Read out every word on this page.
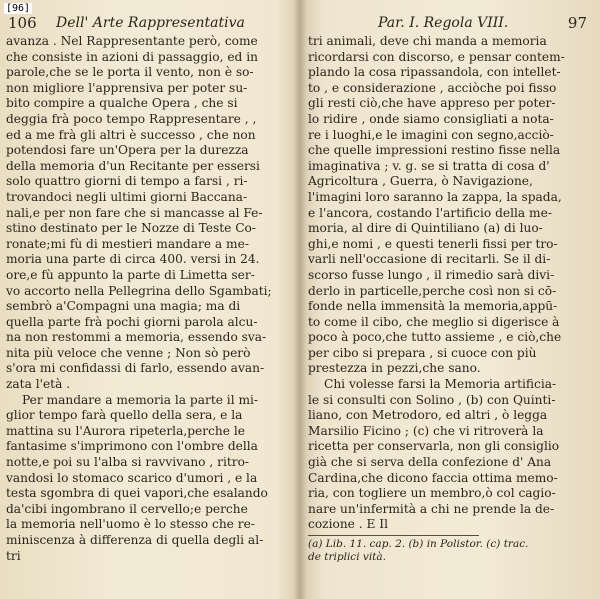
[96]
106 Dell' Arte Rappresentativa
avanza . Nel Rappresentante però, come
che consiste in azioni di passaggio, ed in
parole,che se le porta il vento, non è so-
non migliore l'apprensiva per poter su-
bito compire a qualche Opera , che si
deggia frà poco tempo Rappresentare , ,
ed a me frà gli altri è successo , che non
potendosi fare un'Opera per la durezza
della memoria d'un Recitante per essersi
solo quattro giorni di tempo a farsi , ri-
trovandoci negli ultimi giorni Baccana-
nali,e per non fare che si mancasse al Fe-
stino destinato per le Nozze di Teste Co-
ronate;mi fù di mestieri mandare a me-
moria una parte di circa 400. versi in 24.
ore,e fù appunto la parte di Limetta ser-
vo accorto nella Pellegrina dello Sgambati;
sembrò a'Compagni una magia; ma di
quella parte frà pochi giorni parola alcu-
na non restommi a memoria, essendo sva-
nita più veloce che venne ; Non sò però
s'ora mi confidassi di farlo, essendo avan-
zata l'età .
Per mandare a memoria la parte il mi-
glior tempo farà quello della sera, e la
mattina su l'Aurora ripeterla,perche le
fantasime s'imprimono con l'ombre della
notte,e poi su l'alba si ravvivano , ritro-
vandosi lo stomaco scarico d'umori , e la
testa sgombra di quei vapori,che esalando
da'cibi ingombrano il cervello;e perche
la memoria nell'uomo è lo stesso che re-
miniscenza à differenza di quella degli al-
tri
Par. I. Regola VIII.	97
tri animali, deve chi manda a memoria
ricordarsi con discorso, e pensar contem-
plando la cosa ripassandola, con intellet-
to , e considerazione , acciòche poi fisso
gli resti ciò,che have appreso per poter-
lo ridire , onde siamo consigliati a nota-
re i luoghi,e le imagini con segno,acciò-
che quelle impressioni restino fisse nella
imaginativa ; v. g. se si tratta di cosa d'
Agricoltura , Guerra, ò Navigazione,
l'imagini loro saranno la zappa, la spada,
e l'ancora, costando l'artificio della me-
moria, al dire di Quintiliano (a) di luo-
ghi,e nomi , e questi tenerli fissi per tro-
varli nell'occasione di recitarli. Se il di-
scorso fusse lungo , il rimedio sarà divi-
derlo in particelle,perche così non si cō-
fonde nella immensità la memoria,appū-
to come il cibo, che meglio si digerisce à
poco à poco,che tutto assieme , e ciò,che
per cibo si prepara , si cuoce con più
prestezza in pezzi,che sano.
Chi volesse farsi la Memoria artificia-
le si consulti con Solino , (b) con Quinti-
liano, con Metrodoro, ed altri , ò legga
Marsilio Ficino ; (c) che vi ritroverà la
ricetta per conservarla, non gli consiglio
già che si serva della confezione d' Ana
Cardina,che dicono faccia ottima memo-
ria, con togliere un membro,ò col cagio-
nare un'infermità a chi ne prende la de-
cozione . E Il
(a) Lib. 11. cap. 2. (b) in Polistor. (c) trac.
de triplici vità.
